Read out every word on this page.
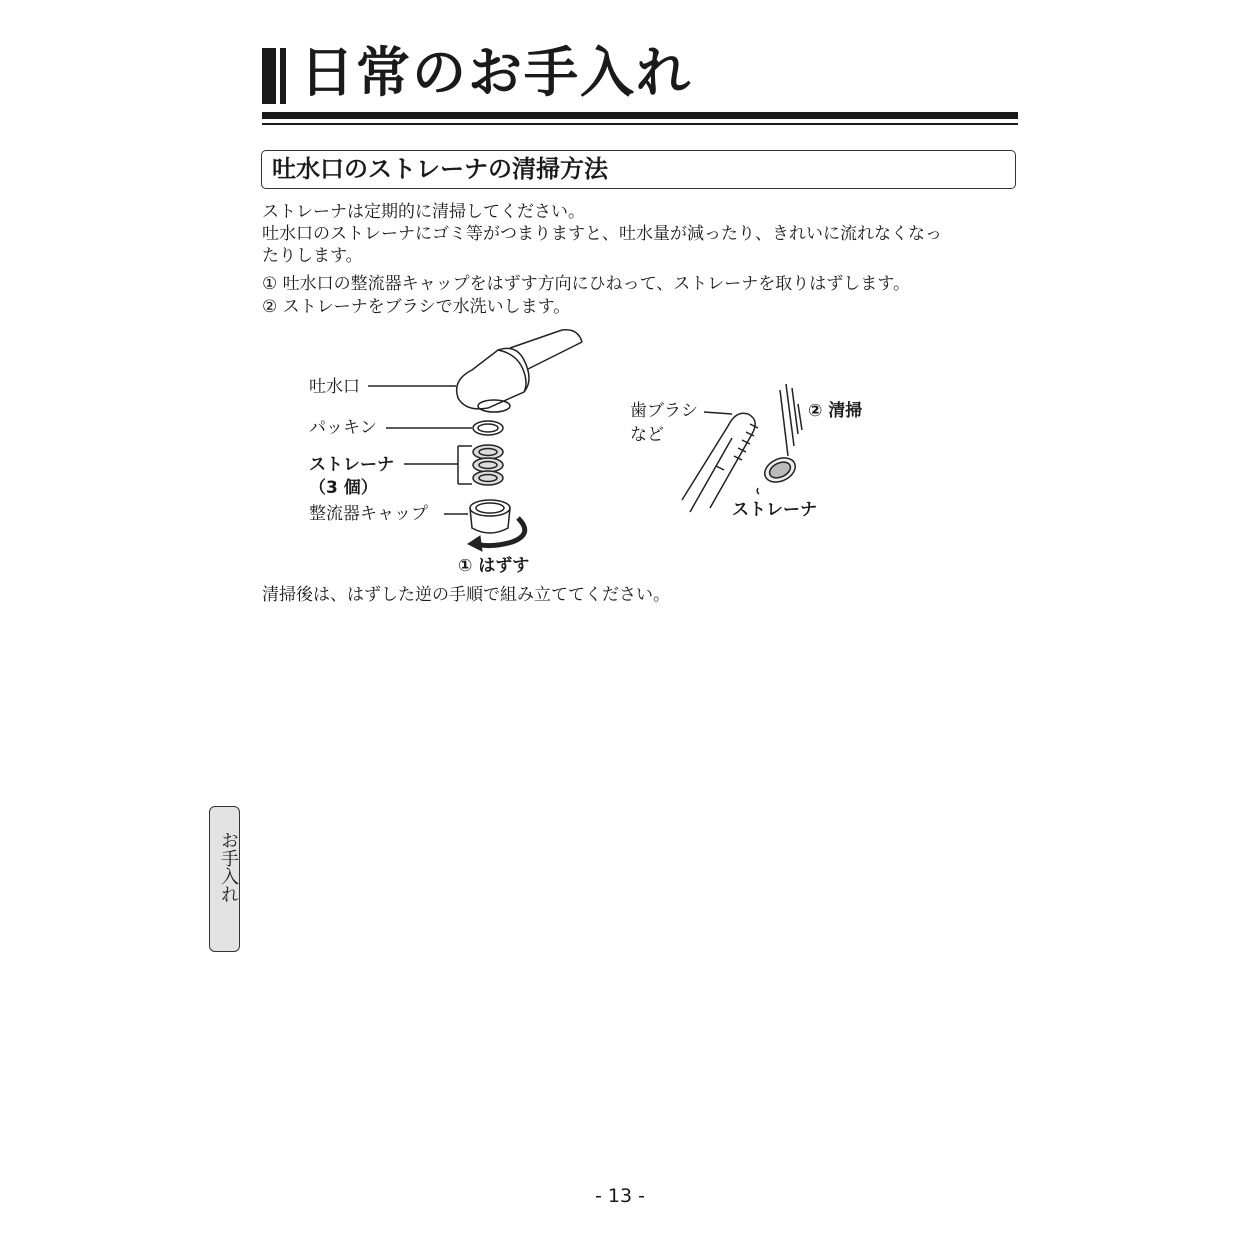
日常のお手入れ
吐水口のストレーナの清掃方法
ストレーナは定期的に清掃してください。
吐水口のストレーナにゴミ等がつまりますと、吐水量が減ったり、きれいに流れなくなっ
たりします。
① 吐水口の整流器キャップをはずす方向にひねって、ストレーナを取りはずします。
② ストレーナをブラシで水洗いします。
吐水口
パッキン
ストレーナ
（3 個）
整流器キャップ
① はずす
歯ブラシ
など
② 清掃
ストレーナ
清掃後は、はずした逆の手順で組み立ててください。
お手入れ
- 13 -
